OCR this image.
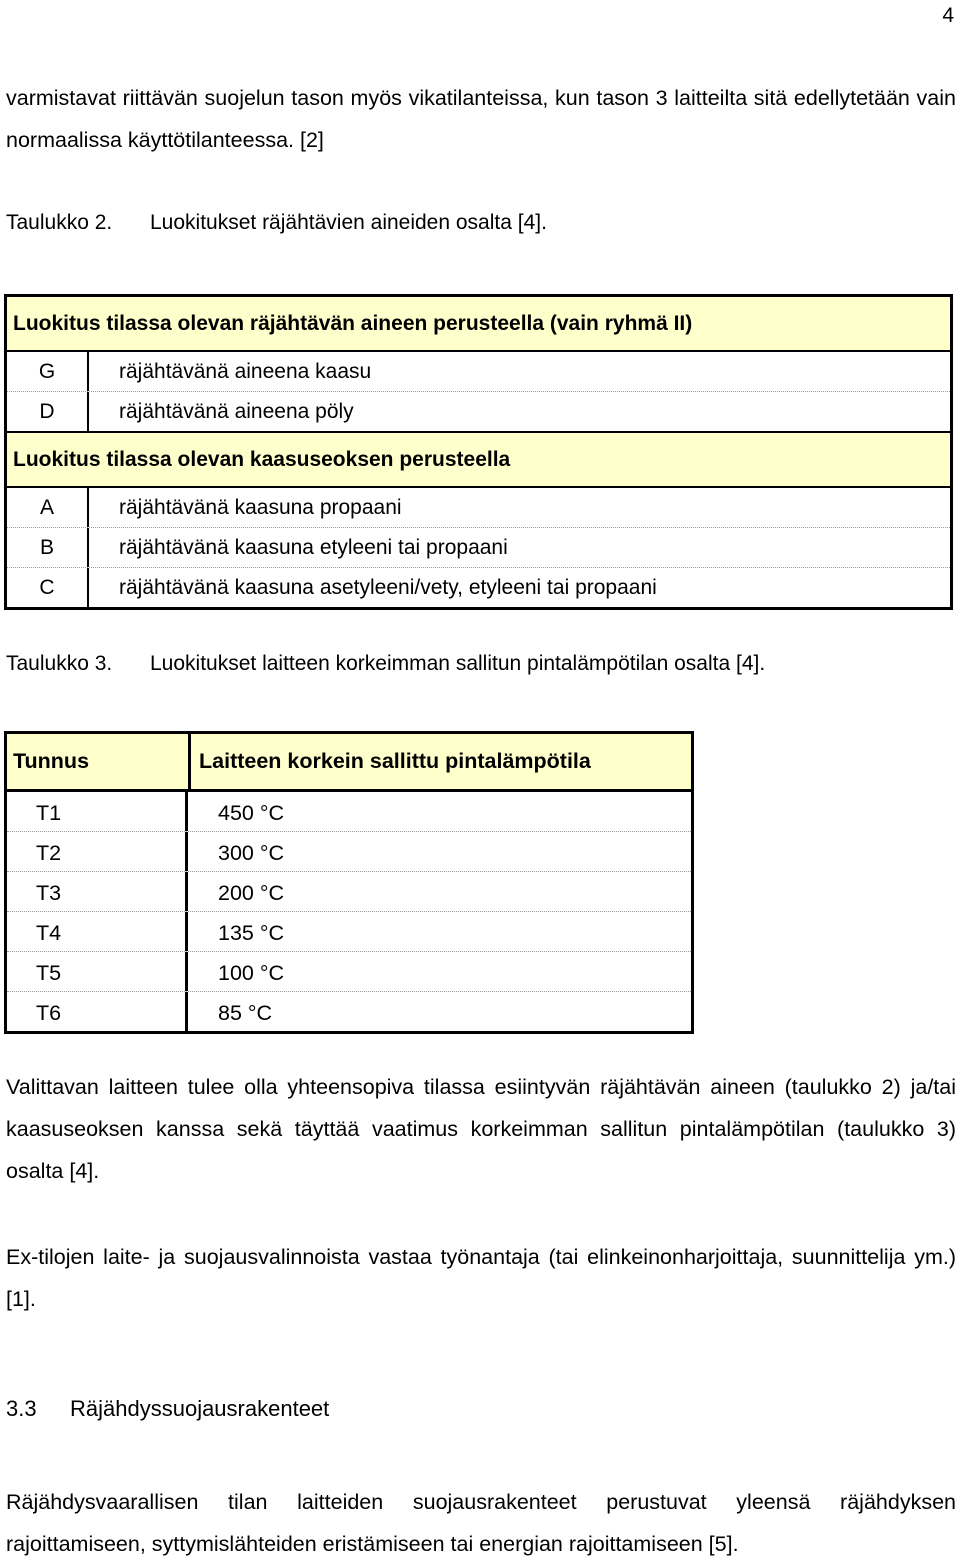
4

varmistavat riittävän suojelun tason myös vikatilanteissa, kun tason 3 laitteilta sitä edellytetään vain normaalissa käyttötilanteessa. [2]

Taulukko 2. Luokitukset räjähtävien aineiden osalta [4].

Luokitus tilassa olevan räjähtävän aineen perusteella (vain ryhmä II)
G	räjähtävänä aineena kaasu
D	räjähtävänä aineena pöly
Luokitus tilassa olevan kaasuseoksen perusteella
A	räjähtävänä kaasuna propaani
B	räjähtävänä kaasuna etyleeni tai propaani
C	räjähtävänä kaasuna asetyleeni/vety, etyleeni tai propaani

Taulukko 3. Luokitukset laitteen korkeimman sallitun pintalämpötilan osalta [4].

Tunnus	Laitteen korkein sallittu pintalämpötila
T1	450 °C
T2	300 °C
T3	200 °C
T4	135 °C
T5	100 °C
T6	85 °C

Valittavan laitteen tulee olla yhteensopiva tilassa esiintyvän räjähtävän aineen (taulukko 2) ja/tai kaasuseoksen kanssa sekä täyttää vaatimus korkeimman sallitun pintalämpötilan (taulukko 3) osalta [4].

Ex-tilojen laite- ja suojausvalinnoista vastaa työnantaja (tai elinkeinonharjoittaja, suunnittelija ym.) [1].

3.3 Räjähdyssuojausrakenteet

Räjähdysvaarallisen tilan laitteiden suojausrakenteet perustuvat yleensä räjähdyksen rajoittamiseen, syttymislähteiden eristämiseen tai energian rajoittamiseen [5].
